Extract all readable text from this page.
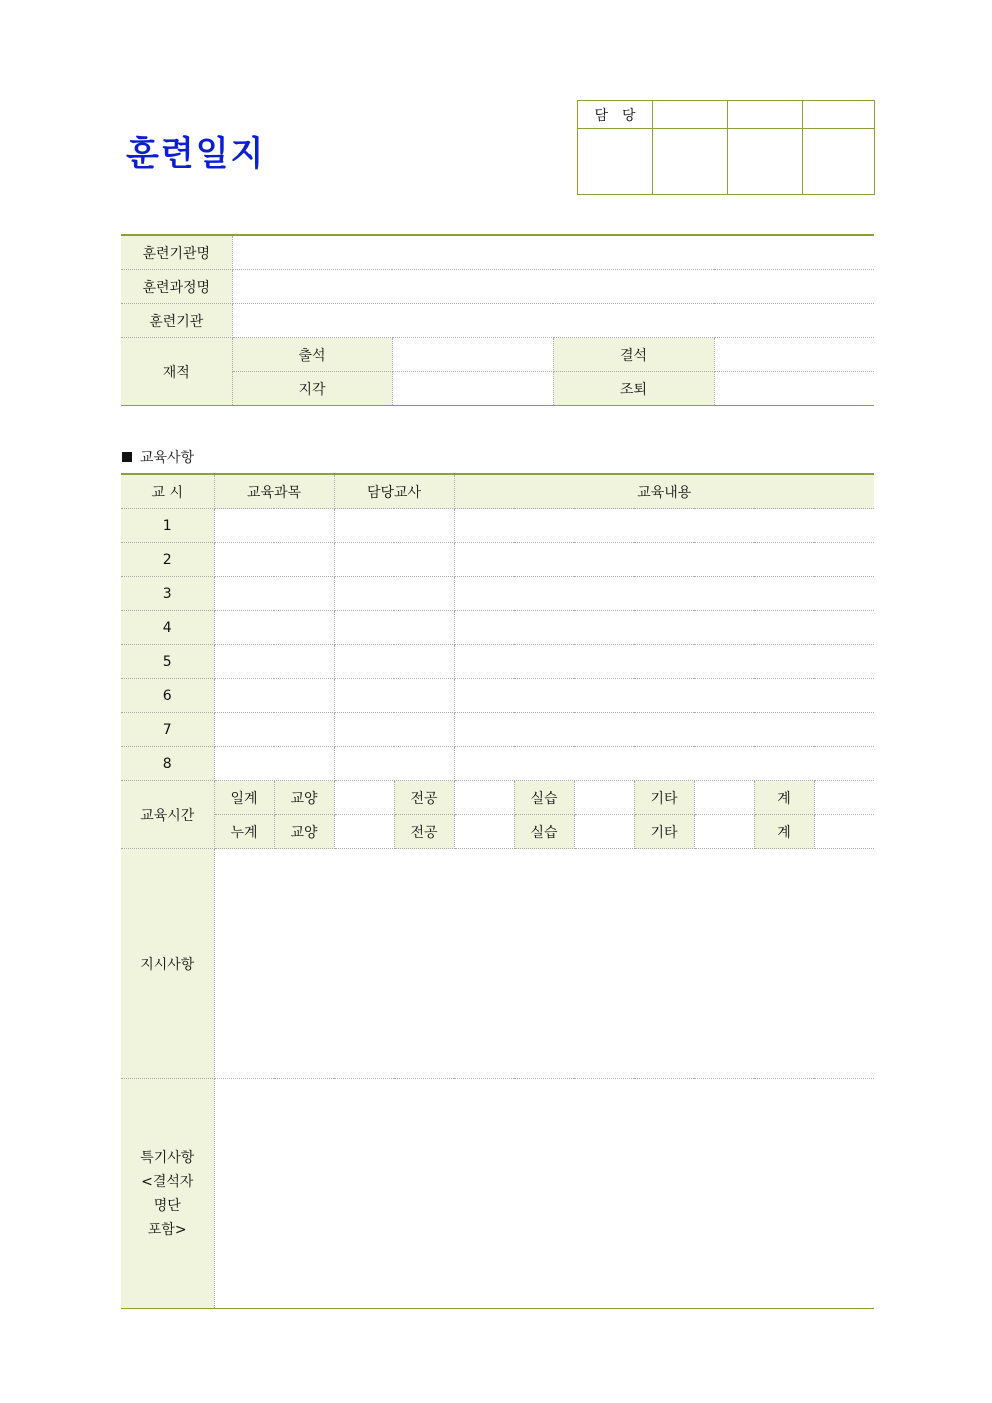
훈련일지
담　당			

훈련기관명				
훈련과정명				
훈련기관				
재적	출석		결석	
	지각		조퇴	
교육사항
교 시	교육과목		담당교사		교육내용						
1											
2											
3											
4											
5											
6											
7											
8											
교육시간	일계	교양		전공		실습		기타		계	
	누계	교양		전공		실습		기타		계	
지시사항											

특기사항
<결석자
명단
포함>											
